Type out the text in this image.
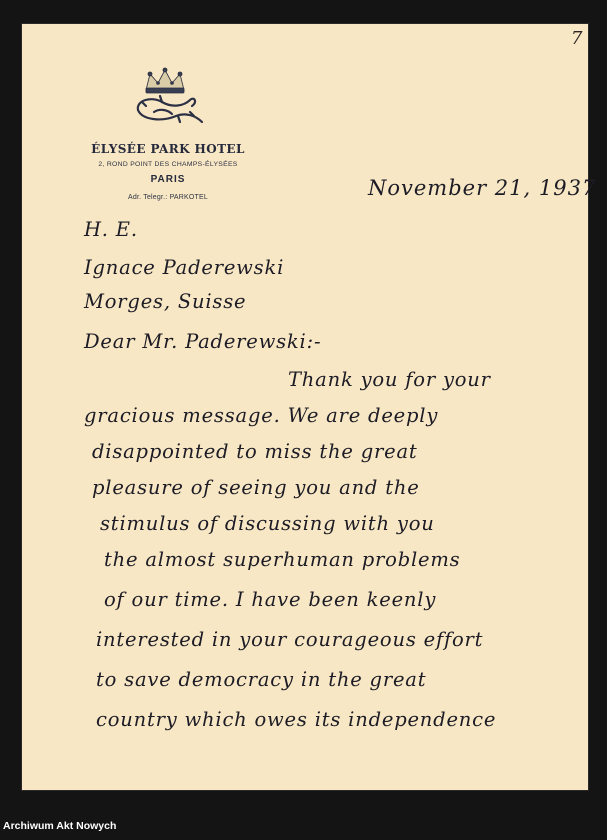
7
ÉLYSÉE PARK HOTEL
2, ROND POINT DES CHAMPS-ÉLYSÉES
PARIS
Adr. Telegr.: PARKOTEL	November 21, 1937
H. E.
Ignace Paderewski
Morges, Suisse
Dear Mr. Paderewski:-
Thank you for your
gracious message. We are deeply
disappointed to miss the great
pleasure of seeing you and the
stimulus of discussing with you
the almost superhuman problems
of our time. I have been keenly
interested in your courageous effort
to save democracy in the great
country which owes its independence
Archiwum Akt Nowych
